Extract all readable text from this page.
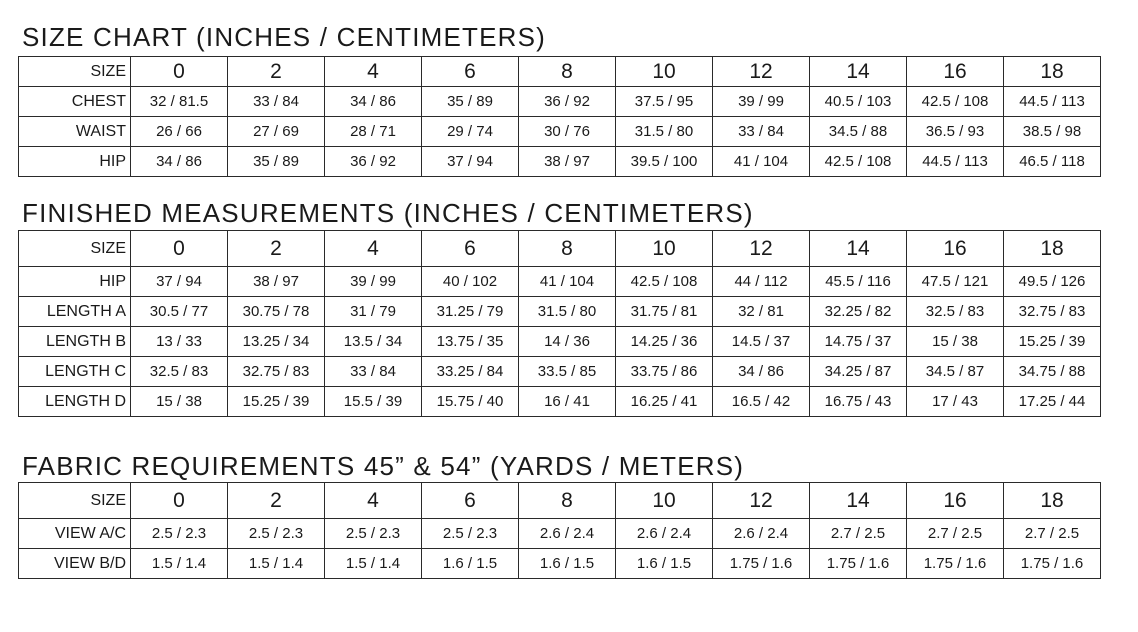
SIZE CHART (INCHES / CENTIMETERS)
SIZE	0	2	4	6	8	10	12	14	16	18
CHEST	32 / 81.5	33 / 84	34 / 86	35 / 89	36 / 92	37.5 / 95	39 / 99	40.5 / 103	42.5 / 108	44.5 / 113
WAIST	26 / 66	27 / 69	28 / 71	29 / 74	30 / 76	31.5 / 80	33 / 84	34.5 / 88	36.5 / 93	38.5 / 98
HIP	34 / 86	35 / 89	36 / 92	37 / 94	38 / 97	39.5 / 100	41 / 104	42.5 / 108	44.5 / 113	46.5 / 118
FINISHED MEASUREMENTS (INCHES / CENTIMETERS)
SIZE	0	2	4	6	8	10	12	14	16	18
HIP	37 / 94	38 / 97	39 / 99	40 / 102	41 / 104	42.5 / 108	44 / 112	45.5 / 116	47.5 / 121	49.5 / 126
LENGTH A	30.5 / 77	30.75 / 78	31 / 79	31.25 / 79	31.5 / 80	31.75 / 81	32 / 81	32.25 / 82	32.5 / 83	32.75 / 83
LENGTH B	13 / 33	13.25 / 34	13.5 / 34	13.75 / 35	14 / 36	14.25 / 36	14.5 / 37	14.75 / 37	15 / 38	15.25 / 39
LENGTH C	32.5 / 83	32.75 / 83	33 / 84	33.25 / 84	33.5 / 85	33.75 / 86	34 / 86	34.25 / 87	34.5 / 87	34.75 / 88
LENGTH D	15 / 38	15.25 / 39	15.5 / 39	15.75 / 40	16 / 41	16.25 / 41	16.5 / 42	16.75 / 43	17 / 43	17.25 / 44
FABRIC REQUIREMENTS 45” & 54” (YARDS / METERS)
SIZE	0	2	4	6	8	10	12	14	16	18
VIEW A/C	2.5 / 2.3	2.5 / 2.3	2.5 / 2.3	2.5 / 2.3	2.6 / 2.4	2.6 / 2.4	2.6 / 2.4	2.7 / 2.5	2.7 / 2.5	2.7 / 2.5
VIEW B/D	1.5 / 1.4	1.5 / 1.4	1.5 / 1.4	1.6 / 1.5	1.6 / 1.5	1.6 / 1.5	1.75 / 1.6	1.75 / 1.6	1.75 / 1.6	1.75 / 1.6
